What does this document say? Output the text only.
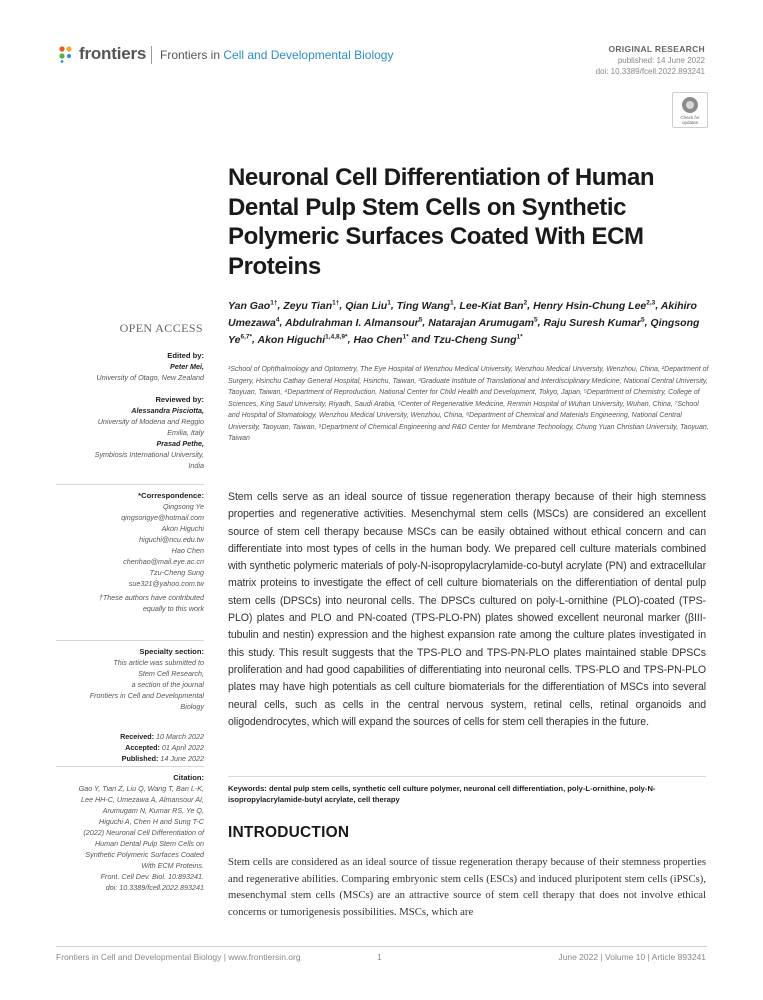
frontiers Frontiers in Cell and Developmental Biology	ORIGINAL RESEARCH
published: 14 June 2022
doi: 10.3389/fcell.2022.893241
Check for updates
Neuronal Cell Differentiation of Human Dental Pulp Stem Cells on Synthetic Polymeric Surfaces Coated With ECM Proteins
Yan Gao$^{1\dagger}$, Zeyu Tian$^{1\dagger}$, Qian Liu$^1$, Ting Wang$^1$, Lee-Kiat Ban$^2$, Henry Hsin-Chung Lee$^{2,3}$, Akihiro Umezawa$^4$, Abdulrahman I. Almansour$^5$, Natarajan Arumugam$^5$, Raju Suresh Kumar$^5$, Qingsong $Ye^{6,7*}$, Akon Higuchi$^{1,4,8,9*}$, Hao Chen$^{1*}$ and Tzu-Cheng Sung$^{1*}$
¹School of Ophthalmology and Optometry, The Eye Hospital of Wenzhou Medical University, Wenzhou Medical University, Wenzhou, China, ²Department of Surgery, Hsinchu Cathay General Hospital, Hsinchu, Taiwan, ³Graduate Institute of Translational and Interdisciplinary Medicine, National Central University, Taoyuan, Taiwan, ⁴Department of Reproduction, National Center for Child Health and Development, Tokyo, Japan, ⁵Department of Chemistry, College of Sciences, King Saud University, Riyadh, Saudi Arabia, ⁶Center of Regenerative Medicine, Renmin Hospital of Wuhan University, Wuhan, China, ⁷School and Hospital of Stomatology, Wenzhou Medical University, Wenzhou, China, ⁸Department of Chemical and Materials Engineering, National Central University, Taoyuan, Taiwan, ⁹Department of Chemical Engineering and R&D Center for Membrane Technology, Chung Yuan Christian University, Taoyuan, Taiwan
OPEN ACCESS
Edited by:
Peter Mei,
University of Otago, New Zealand
Reviewed by:
Alessandra Pisciotta,
University of Modena and Reggio
Emilia, Italy
Prasad Pethe,
Symbiosis International University,
India
*Correspondence:
Qingsong Ye
qingsongye@hotmail.com
Akon Higuchi
higuchi@ncu.edu.tw
Hao Chen
chenhao@mail.eye.ac.cn
Tzu-Cheng Sung
sue321@yahoo.com.tw
†These authors have contributed
equally to this work
Specialty section:
This article was submitted to
Stem Cell Research,
a section of the journal
Frontiers in Cell and Developmental
Biology
Received: 10 March 2022
Accepted: 01 April 2022
Published: 14 June 2022
Citation:
Gao Y, Tian Z, Liu Q, Wang T, Ban L-K,
Lee HH-C, Umezawa A, Almansour AI,
Arumugam N, Kumar RS, Ye Q,
Higuchi A, Chen H and Sung T-C
(2022) Neuronal Cell Differentiation of
Human Dental Pulp Stem Cells on
Synthetic Polymeric Surfaces Coated
With ECM Proteins.
Front. Cell Dev. Biol. 10:893241.
doi: 10.3389/fcell.2022.893241
Stem cells serve as an ideal source of tissue regeneration therapy because of their high stemness properties and regenerative activities. Mesenchymal stem cells (MSCs) are considered an excellent source of stem cell therapy because MSCs can be easily obtained without ethical concern and can differentiate into most types of cells in the human body. We prepared cell culture materials combined with synthetic polymeric materials of poly-N-isopropylacrylamide-co-butyl acrylate (PN) and extracellular matrix proteins to investigate the effect of cell culture biomaterials on the differentiation of dental pulp stem cells (DPSCs) into neuronal cells. The DPSCs cultured on poly-L-ornithine (PLO)-coated (TPS-PLO) plates and PLO and PN-coated (TPS-PLO-PN) plates showed excellent neuronal marker (βIII-tubulin and nestin) expression and the highest expansion rate among the culture plates investigated in this study. This result suggests that the TPS-PLO and TPS-PN-PLO plates maintained stable DPSCs proliferation and had good capabilities of differentiating into neuronal cells. TPS-PLO and TPS-PN-PLO plates may have high potentials as cell culture biomaterials for the differentiation of MSCs into several neural cells, such as cells in the central nervous system, retinal cells, retinal organoids and oligodendrocytes, which will expand the sources of cells for stem cell therapies in the future.
Keywords: dental pulp stem cells, synthetic cell culture polymer, neuronal cell differentiation, poly-L-ornithine, poly-N-isopropylacrylamide-butyl acrylate, cell therapy
INTRODUCTION
Stem cells are considered as an ideal source of tissue regeneration therapy because of their stemness properties and regenerative abilities. Comparing embryonic stem cells (ESCs) and induced pluripotent stem cells (iPSCs), mesenchymal stem cells (MSCs) are an attractive source of stem cell therapy that does not involve ethical concerns or tumorigenesis possibilities. MSCs, which are
Frontiers in Cell and Developmental Biology | www.frontiersin.org	1	June 2022 | Volume 10 | Article 893241
